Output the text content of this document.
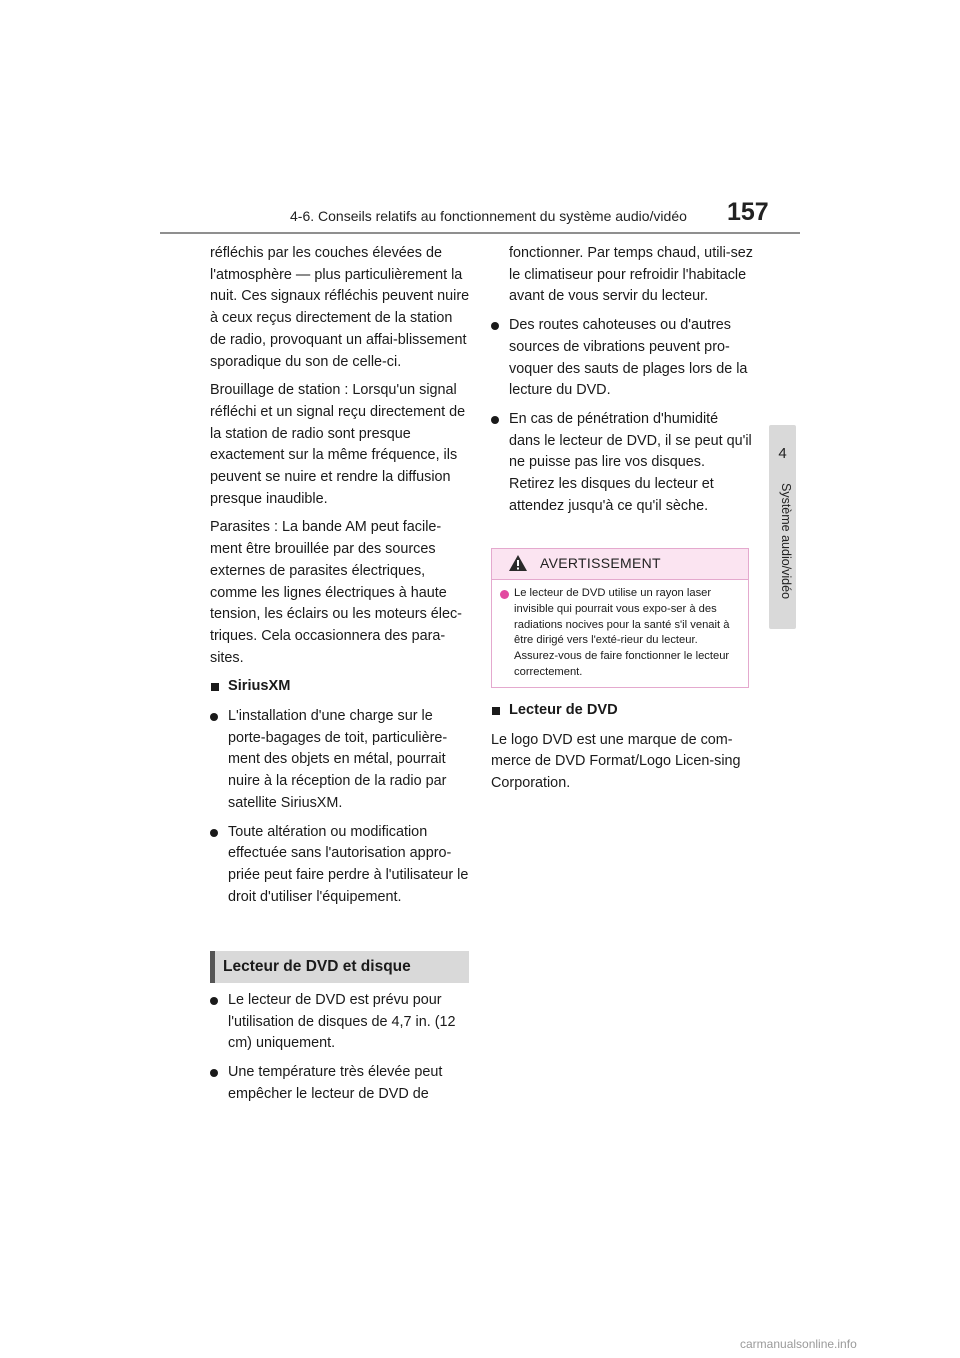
4-6. Conseils relatifs au fonctionnement du système audio/vidéo 157
4
Système audio/vidéo

réfléchis par les couches élevées de l'atmosphère — plus particulièrement la nuit. Ces signaux réfléchis peuvent nuire à ceux reçus directement de la station de radio, provoquant un affai-blissement sporadique du son de celle-ci.

Brouillage de station : Lorsqu'un signal réfléchi et un signal reçu directement de la station de radio sont presque exactement sur la même fréquence, ils peuvent se nuire et rendre la diffusion presque inaudible.

Parasites : La bande AM peut facile-ment être brouillée par des sources externes de parasites électriques, comme les lignes électriques à haute tension, les éclairs ou les moteurs élec-triques. Cela occasionnera des para-sites.

SiriusXM
L'installation d'une charge sur le porte-bagages de toit, particulière-ment des objets en métal, pourrait nuire à la réception de la radio par satellite SiriusXM.
Toute altération ou modification effectuée sans l'autorisation appro-priée peut faire perdre à l'utilisateur le droit d'utiliser l'équipement.
Lecteur de DVD et disque
Le lecteur de DVD est prévu pour l'utilisation de disques de 4,7 in. (12 cm) uniquement.
Une température très élevée peut empêcher le lecteur de DVD de

fonctionner. Par temps chaud, utili-sez le climatiseur pour refroidir l'habitacle avant de vous servir du lecteur.

Des routes cahoteuses ou d'autres sources de vibrations peuvent pro-voquer des sauts de plages lors de la lecture du DVD.
En cas de pénétration d'humidité dans le lecteur de DVD, il se peut qu'il ne puisse pas lire vos disques. Retirez les disques du lecteur et attendez jusqu'à ce qu'il sèche.
AVERTISSEMENT
Le lecteur de DVD utilise un rayon laser invisible qui pourrait vous expo-ser à des radiations nocives pour la santé s'il venait à être dirigé vers l'exté-rieur du lecteur. Assurez-vous de faire fonctionner le lecteur correctement.
Lecteur de DVD

Le logo DVD est une marque de com-merce de DVD Format/Logo Licen-sing Corporation.

carmanualsonline.info
